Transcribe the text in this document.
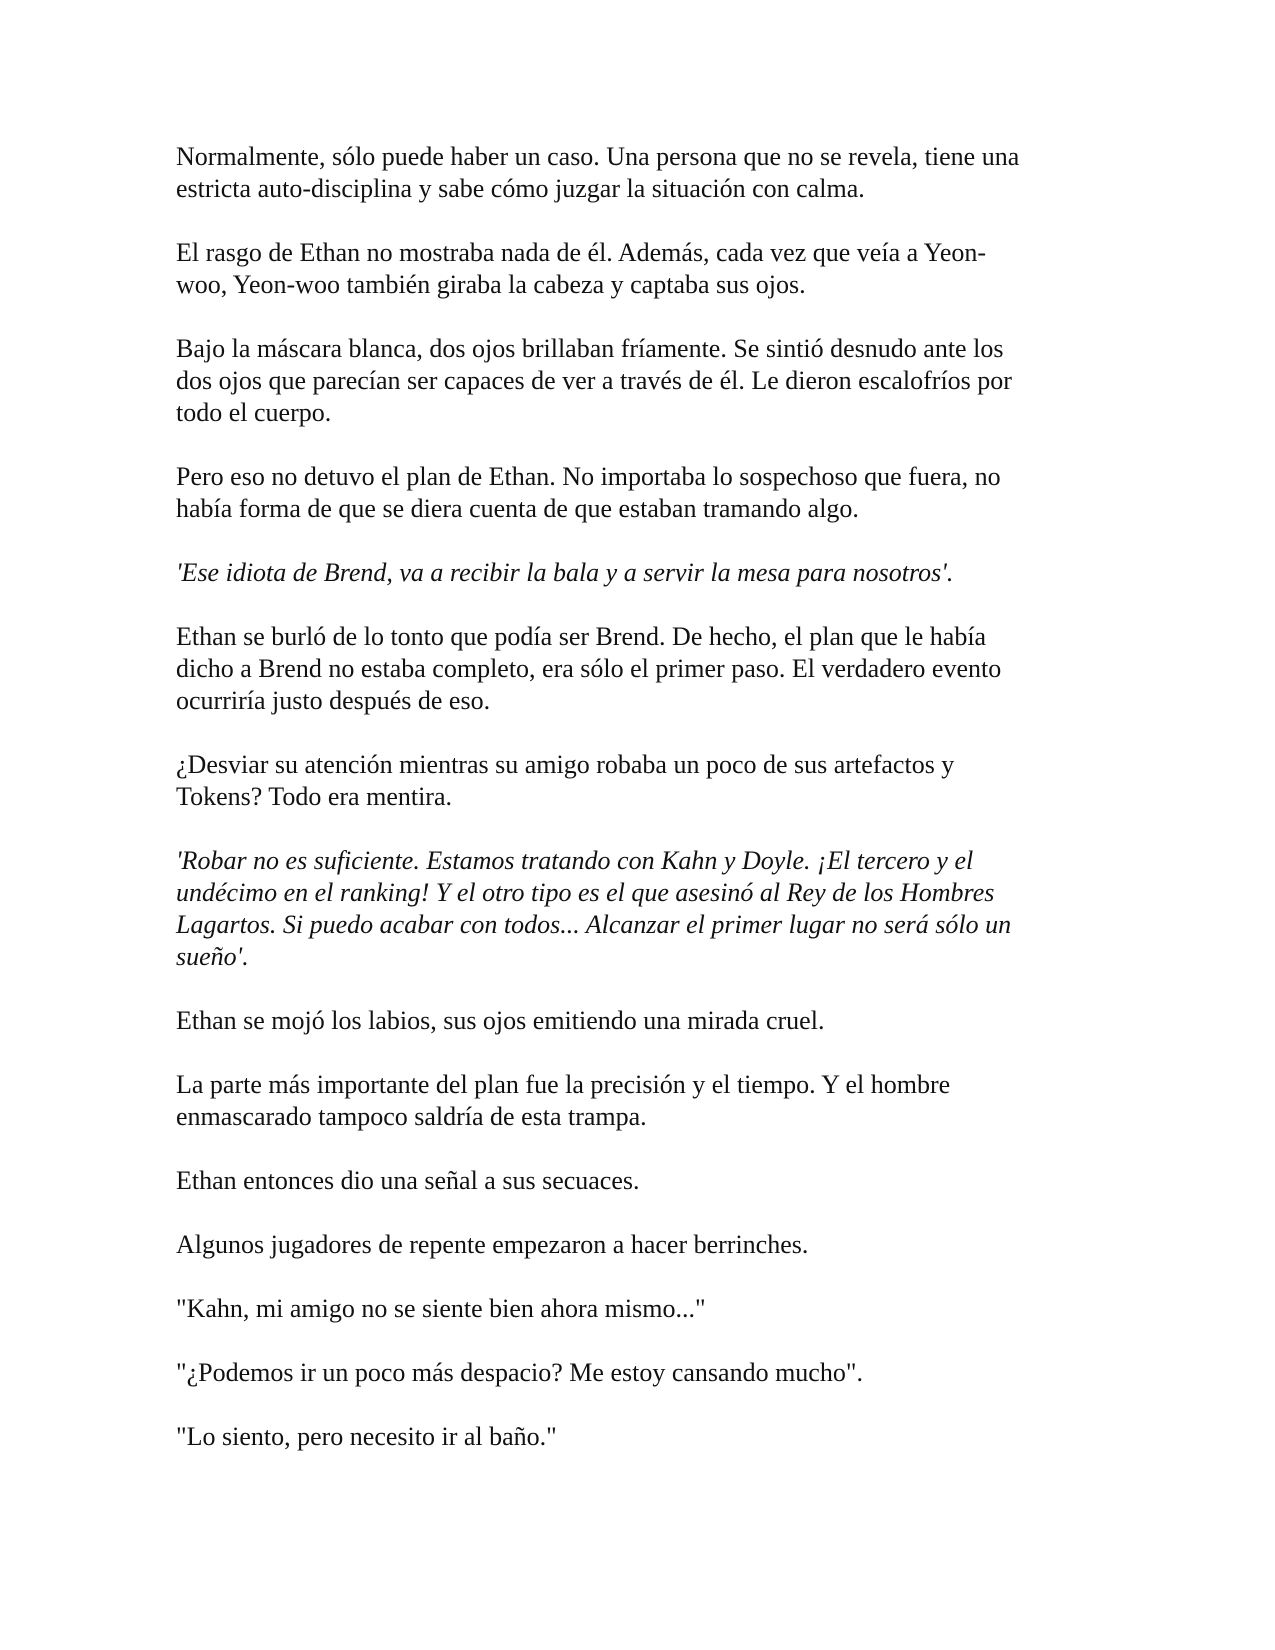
Normalmente, sólo puede haber un caso. Una persona que no se revela, tiene una
estricta auto-disciplina y sabe cómo juzgar la situación con calma.

El rasgo de Ethan no mostraba nada de él. Además, cada vez que veía a Yeon-
woo, Yeon-woo también giraba la cabeza y captaba sus ojos.

Bajo la máscara blanca, dos ojos brillaban fríamente. Se sintió desnudo ante los
dos ojos que parecían ser capaces de ver a través de él. Le dieron escalofríos por
todo el cuerpo.

Pero eso no detuvo el plan de Ethan. No importaba lo sospechoso que fuera, no
había forma de que se diera cuenta de que estaban tramando algo.

'Ese idiota de Brend, va a recibir la bala y a servir la mesa para nosotros'.

Ethan se burló de lo tonto que podía ser Brend. De hecho, el plan que le había
dicho a Brend no estaba completo, era sólo el primer paso. El verdadero evento
ocurriría justo después de eso.

¿Desviar su atención mientras su amigo robaba un poco de sus artefactos y
Tokens? Todo era mentira.

'Robar no es suficiente. Estamos tratando con Kahn y Doyle. ¡El tercero y el
undécimo en el ranking! Y el otro tipo es el que asesinó al Rey de los Hombres
Lagartos. Si puedo acabar con todos... Alcanzar el primer lugar no será sólo un
sueño'.

Ethan se mojó los labios, sus ojos emitiendo una mirada cruel.

La parte más importante del plan fue la precisión y el tiempo. Y el hombre
enmascarado tampoco saldría de esta trampa.

Ethan entonces dio una señal a sus secuaces.

Algunos jugadores de repente empezaron a hacer berrinches.

"Kahn, mi amigo no se siente bien ahora mismo..."

"¿Podemos ir un poco más despacio? Me estoy cansando mucho".

"Lo siento, pero necesito ir al baño."
